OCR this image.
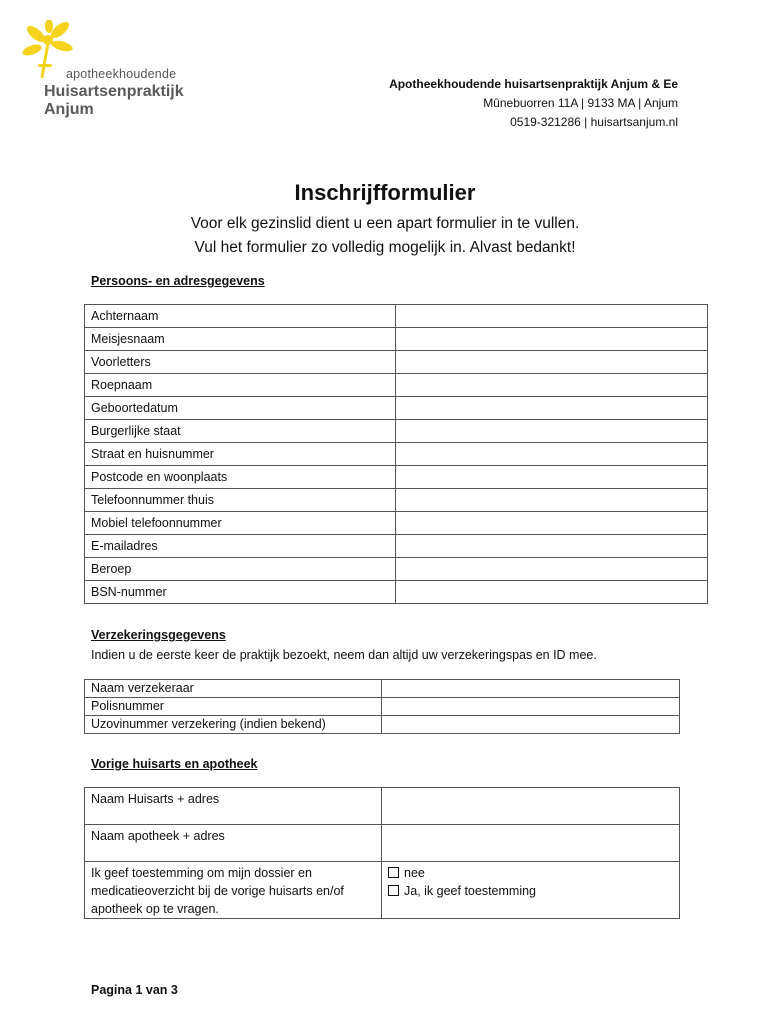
apotheekhoudende
Huisartsenpraktijk
Anjum
Apotheekhoudende huisartsenpraktijk Anjum & Ee
Mûnebuorren 11A | 9133 MA | Anjum
0519-321286 | huisartsanjum.nl
Inschrijfformulier
Voor elk gezinslid dient u een apart formulier in te vullen.
Vul het formulier zo volledig mogelijk in. Alvast bedankt!
Persoons- en adresgegevens
Achternaam	
Meisjesnaam	
Voorletters	
Roepnaam	
Geboortedatum	
Burgerlijke staat	
Straat en huisnummer	
Postcode en woonplaats	
Telefoonnummer thuis	
Mobiel telefoonnummer	
E-mailadres	
Beroep	
BSN-nummer	
Verzekeringsgegevens
Indien u de eerste keer de praktijk bezoekt, neem dan altijd uw verzekeringspas en ID mee.
Naam verzekeraar	
Polisnummer	
Uzovinummer verzekering (indien bekend)	
Vorige huisarts en apotheek
Naam Huisarts + adres	
Naam apotheek + adres	
Ik geef toestemming om mijn dossier en medicatieoverzicht bij de vorige huisarts en/of apotheek op te vragen.	nee
Ja, ik geef toestemming
Pagina 1 van 3
